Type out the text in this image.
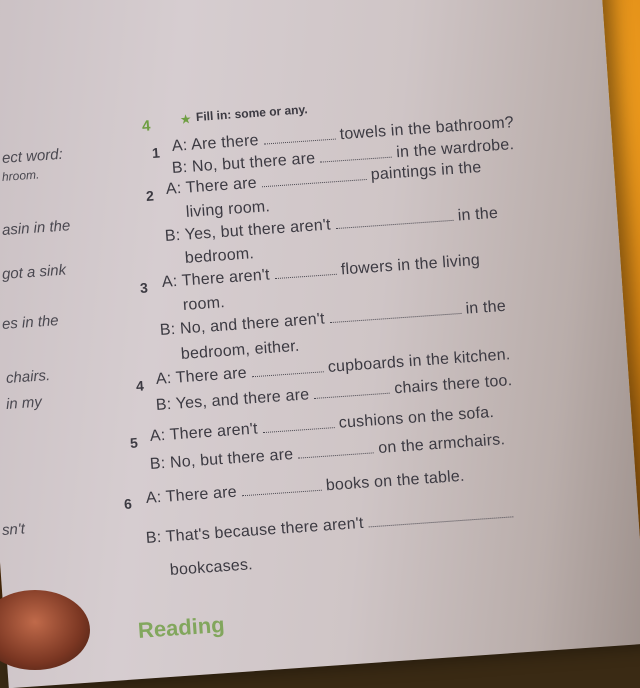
ect word:
hroom.
asin in the
got a sink
es in the
chairs.
in my
sn't
4 ★ Fill in: some or any.
1 A: Are there  towels in the bathroom?
B: No, but there are  in the wardrobe.
2 A: There are  paintings in the
living room.
B: Yes, but there aren't  in the
bedroom.
3 A: There aren't  flowers in the living
room.
B: No, and there aren't  in the
bedroom, either.
4 A: There are  cupboards in the kitchen.
B: Yes, and there are  chairs there too.
5 A: There aren't  cushions on the sofa.
B: No, but there are  on the armchairs.
6 A: There are  books on the table.
B: That's because there aren't
bookcases.
Reading
